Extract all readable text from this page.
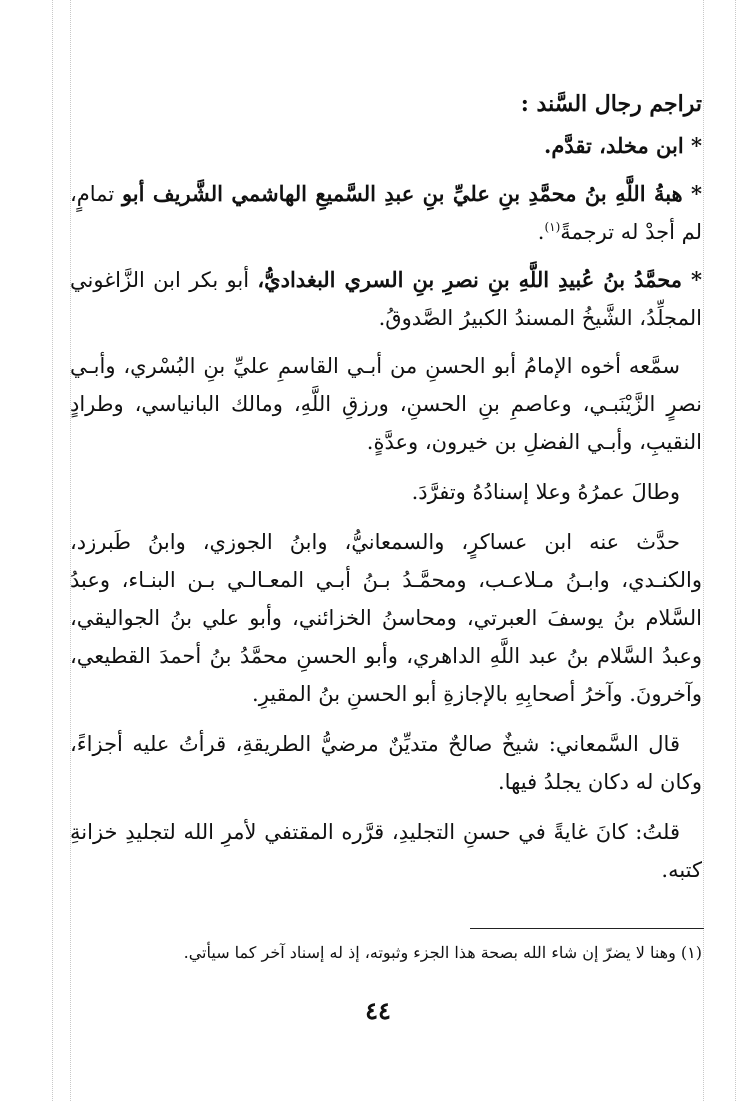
تراجم رجال السَّند :
* ابن مخلد، تقدَّم.
* هبةُ اللَّهِ بنُ محمَّدِ بنِ عليِّ بنِ عبدِ السَّميعِ الهاشمي الشَّريف أبو تمامٍ، لم أجدْ له ترجمةً$^{(١)}$.
* محمَّدُ بنُ عُبيدِ اللَّهِ بنِ نصرِ بنِ السري البغداديُّ، أبو بكر ابن الزَّاغوني المجلِّدُ، الشَّيخُ المسندُ الكبيرُ الصَّدوقُ.

سمَّعه أخوه الإمامُ أبو الحسنِ من أبـي القاسمِ عليِّ بنِ البُسْري، وأبـي نصرٍ الزَّيْنَبـي، وعاصمِ بنِ الحسنِ، ورزقِ اللَّهِ، ومالك البانياسي، وطرادٍ النقيبِ، وأبـي الفضلِ بن خيرون، وعدَّةٍ.

وطالَ عمرُهُ وعلا إسنادُهُ وتفرَّدَ.

حدَّث عنه ابن عساكرٍ، والسمعانيُّ، وابنُ الجوزي، وابنُ طَبرزد، والكنـدي، وابـنُ مـلاعـب، ومحمَّـدُ بـنُ أبـي المعـالـي بـن البنـاء، وعبدُ السَّلام بنُ يوسفَ العبرتي، ومحاسنُ الخزائني، وأبو علي بنُ الجواليقي، وعبدُ السَّلام بنُ عبد اللَّهِ الداهري، وأبو الحسنِ محمَّدُ بنُ أحمدَ القطيعي، وآخرونَ. وآخرُ أصحابِهِ بالإجازةِ أبو الحسنِ بنُ المقيرِ.

قال السَّمعاني: شيخٌ صالحٌ متديِّنٌ مرضيُّ الطريقةِ، قرأتُ عليه أجزاءً، وكان له دكان يجلدُ فيها.

قلتُ: كانَ غايةً في حسنِ التجليدِ، قرَّره المقتفي لأمرِ الله لتجليدِ خزانةِ كتبه.

(١) وهنا لا يضرّ إن شاء الله بصحة هذا الجزء وثبوته، إذ له إسناد آخر كما سيأتي.
٤٤
